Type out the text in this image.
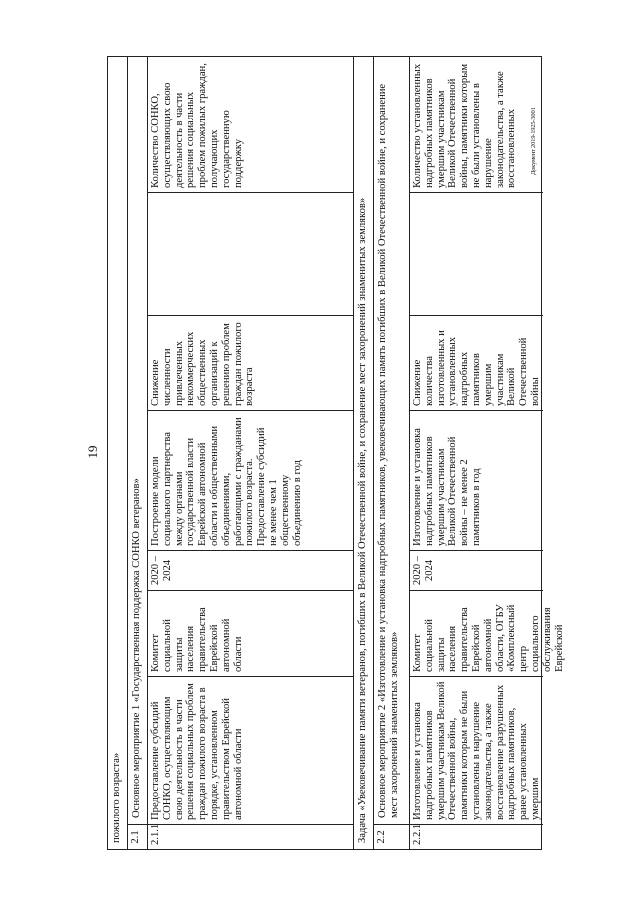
19
пожилого возраста» 2.1
Основное мероприятие 1 «Государственная поддержка СОНКО ветеранов»
2.1.1
Предоставление субсидий СОНКО, осуществляющим свою деятельность в части решения социальных проблем граждан пожилого возраста в порядке, установленном правительством Еврейской автономной области
Комитет социальной защиты населения правительства Еврейской автономной области
2020 – 2024
Построение модели социального партнерства между органами государственной власти Еврейской автономной области и общественными объединениями, работающими с гражданами пожилого возраста. Предоставление субсидий не менее чем 1 общественному объединению в год
Снижение численности привлеченных некоммерческих общественных организаций к решению проблем граждан пожилого возраста
Количество СОНКО, осуществляющих свою деятельность в части решения социальных проблем пожилых граждан, получающих государственную поддержку
Задача «Увековечивание памяти ветеранов, погибших в Великой Отечественной войне, и сохранение мест захоронений знаменитых земляков» 2.2
Основное мероприятие 2 «Изготовление и установка надгробных памятников, увековечивающих память погибших в Великой Отечественной войне, и сохранение мест захоронений знаменитых земляков»
2.2.1
Изготовление и установка надгробных памятников умершим участникам Великой Отечественной войны, памятники которым не были установлены в нарушение законодательства, а также восстановление разрушенных надгробных памятников, ранее установленных умершим
Комитет социальной защиты населения правительства Еврейской автономной области, ОГБУ «Комплексный центр социального обслуживания Еврейской
2020 – 2024
Изготовление и установка надгробных памятников умершим участникам Великой Отечественной войны – не менее 2 памятников в год
Снижение количества изготовленных и установленных надгробных памятников умершим участникам Великой Отечественной войны
Количество установленных надгробных памятников умершим участникам Великой Отечественной войны, памятники которым не были установлены в нарушение законодательства, а также восстановленных	Документ 2019-1925-3001
